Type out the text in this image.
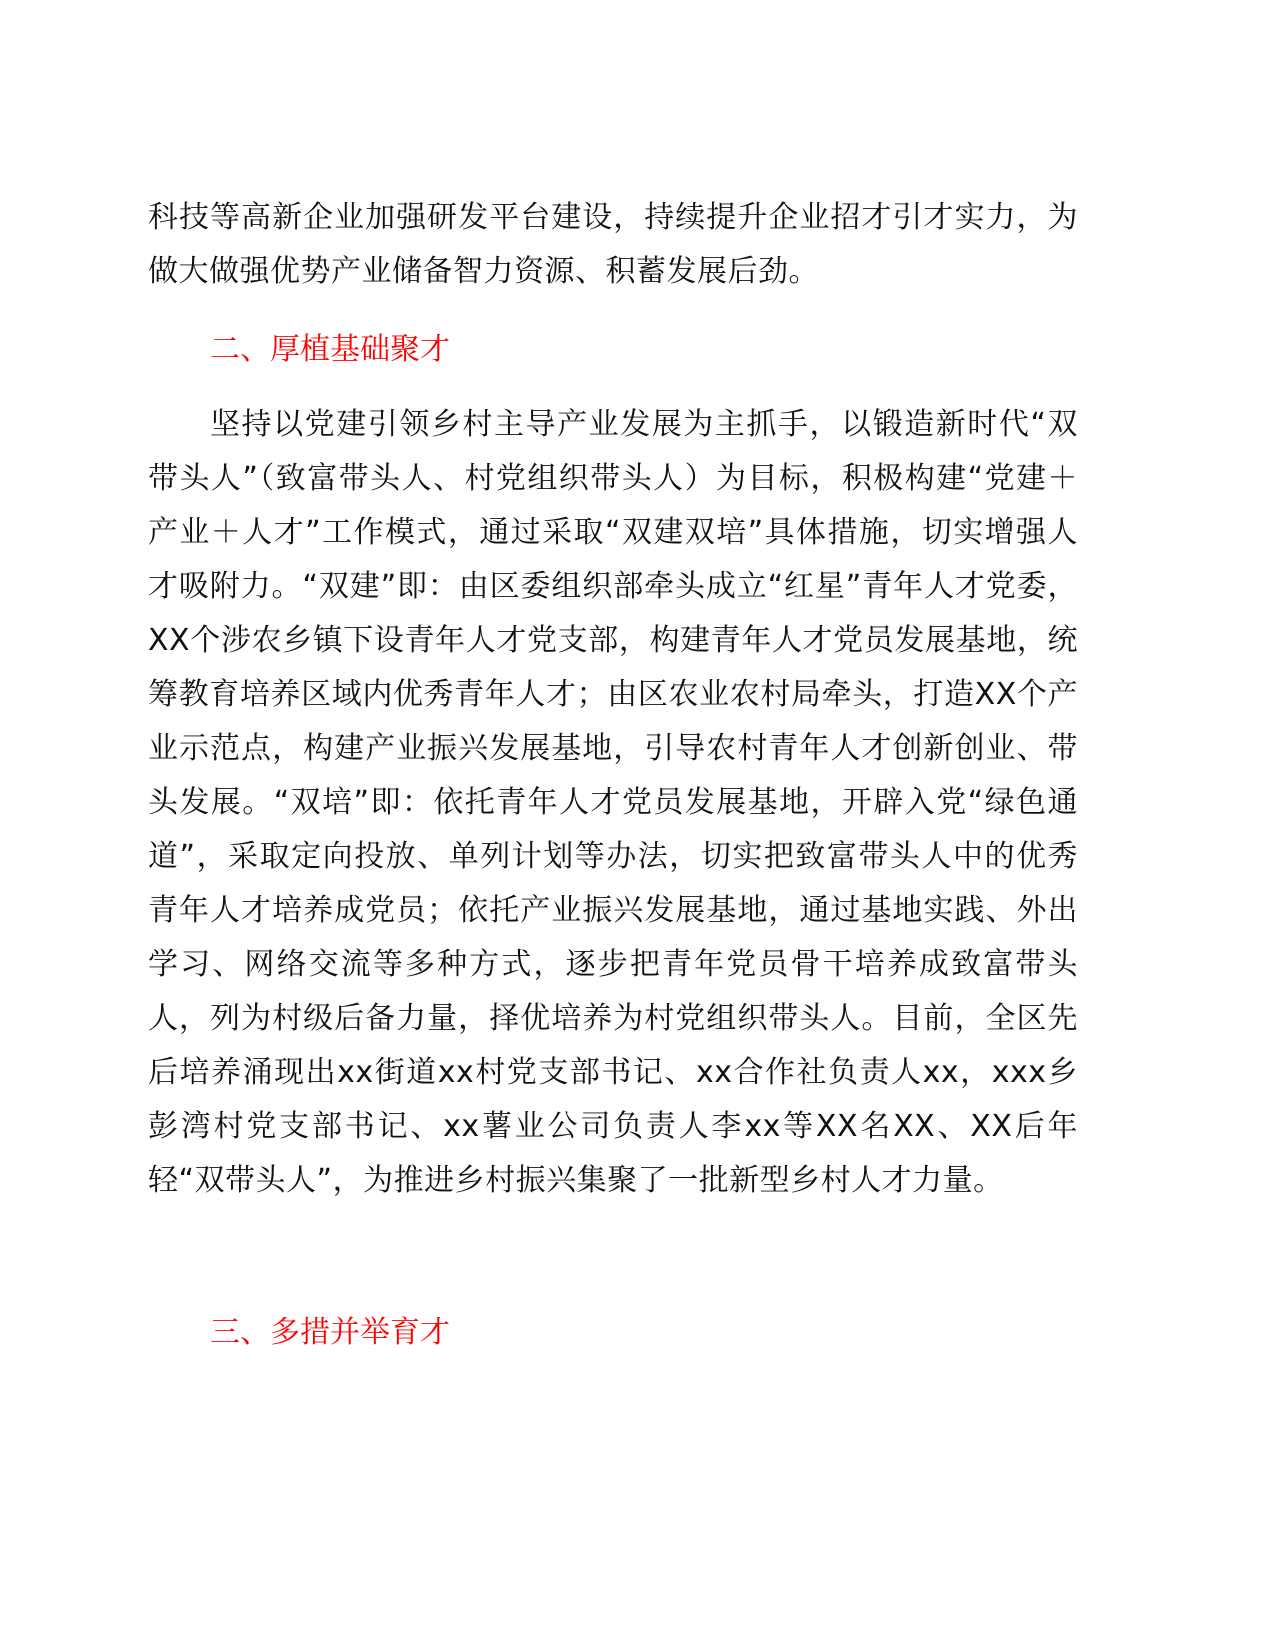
科技等高新企业加强研发平台建设，持续提升企业招才引才实力，为做大做强优势产业储备智力资源、积蓄发展后劲。

二、厚植基础聚才

坚持以党建引领乡村主导产业发展为主抓手，以锻造新时代“双带头人”（致富带头人、村党组织带头人）为目标，积极构建“党建＋产业＋人才”工作模式，通过采取“双建双培”具体措施，切实增强人才吸附力。“双建”即：由区委组织部牵头成立“红星”青年人才党委，XX个涉农乡镇下设青年人才党支部，构建青年人才党员发展基地，统筹教育培养区域内优秀青年人才；由区农业农村局牵头，打造XX个产业示范点，构建产业振兴发展基地，引导农村青年人才创新创业、带头发展。“双培”即：依托青年人才党员发展基地，开辟入党“绿色通道”，采取定向投放、单列计划等办法，切实把致富带头人中的优秀青年人才培养成党员；依托产业振兴发展基地，通过基地实践、外出学习、网络交流等多种方式，逐步把青年党员骨干培养成致富带头人，列为村级后备力量，择优培养为村党组织带头人。目前，全区先后培养涌现出xx街道xx村党支部书记、xx合作社负责人xx，xxx乡彭湾村党支部书记、xx薯业公司负责人李xx等XX名XX、XX后年轻“双带头人”，为推进乡村振兴集聚了一批新型乡村人才力量。

三、多措并举育才
